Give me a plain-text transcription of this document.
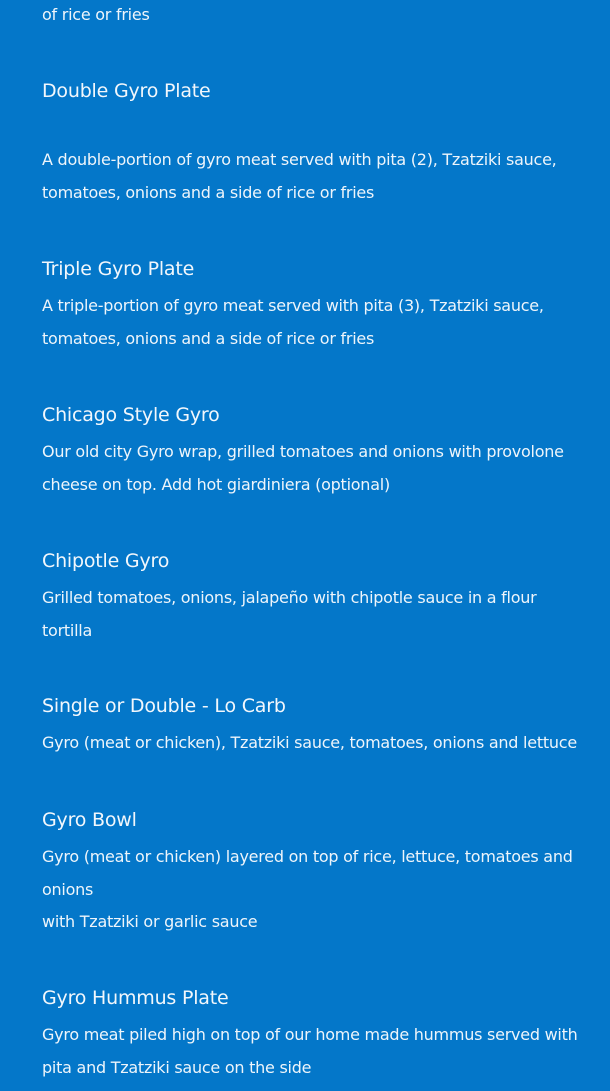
of rice or fries
Double Gyro Plate
A double-portion of gyro meat served with pita (2), Tzatziki sauce,
tomatoes, onions and a side of rice or fries
Triple Gyro Plate
A triple-portion of gyro meat served with pita (3), Tzatziki sauce,
tomatoes, onions and a side of rice or fries
Chicago Style Gyro
Our old city Gyro wrap, grilled tomatoes and onions with provolone
cheese on top. Add hot giardiniera (optional)
Chipotle Gyro
Grilled tomatoes, onions, jalapeño with chipotle sauce in a flour
tortilla
Single or Double - Lo Carb
Gyro (meat or chicken), Tzatziki sauce, tomatoes, onions and lettuce
Gyro Bowl
Gyro (meat or chicken) layered on top of rice, lettuce, tomatoes and
onions
with Tzatziki or garlic sauce
Gyro Hummus Plate
Gyro meat piled high on top of our home made hummus served with
pita and Tzatziki sauce on the side
